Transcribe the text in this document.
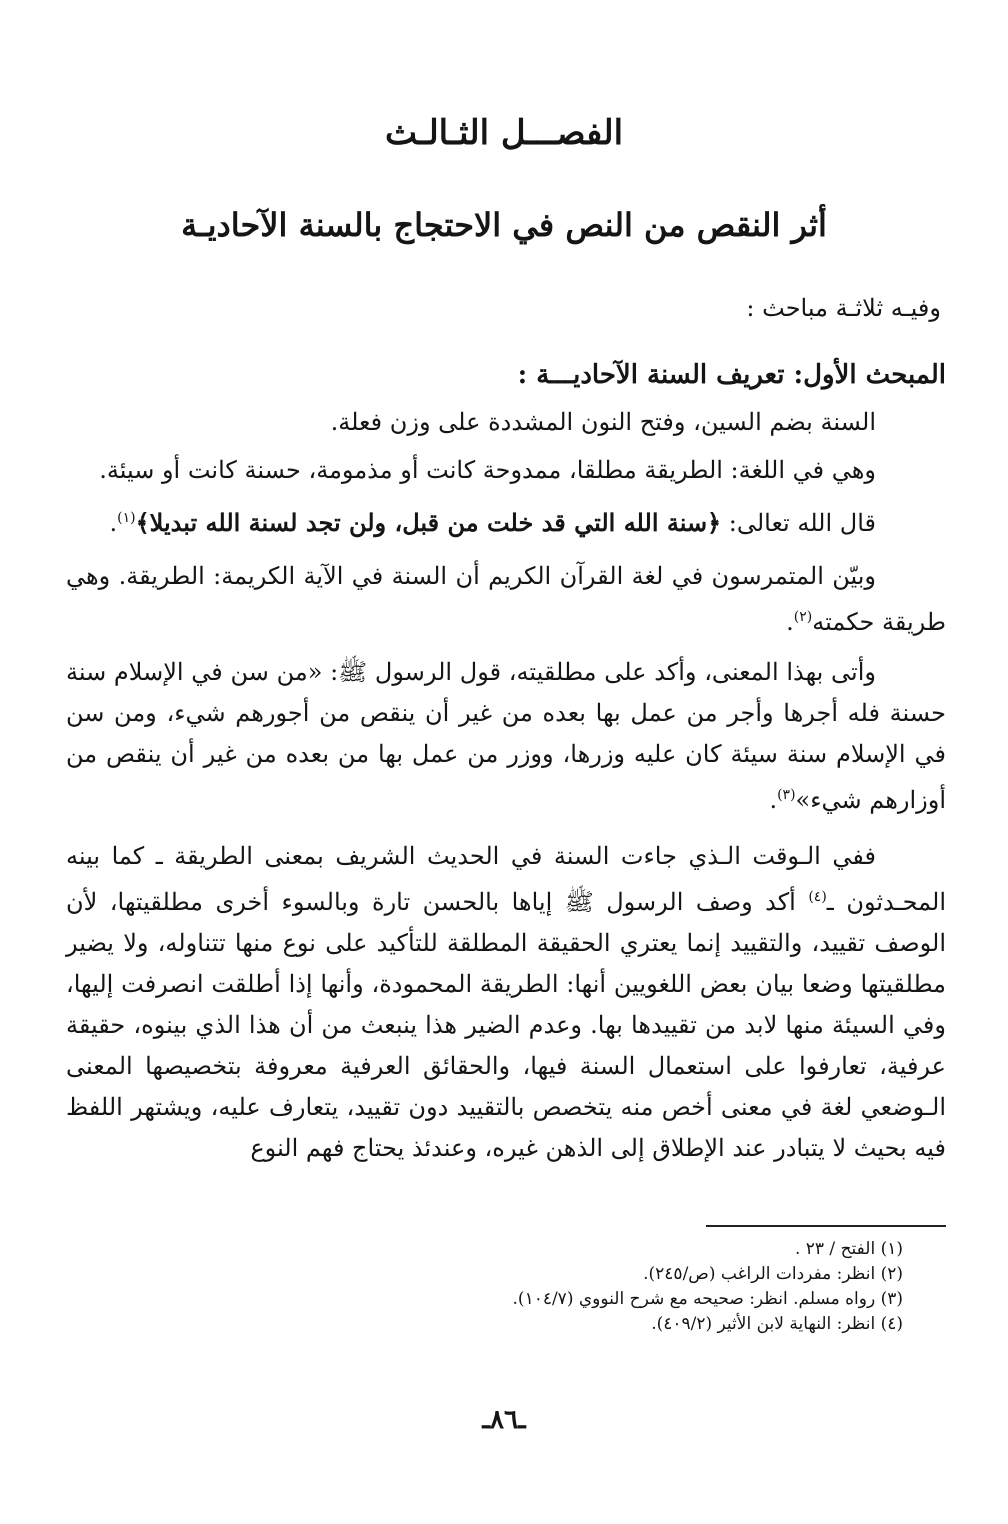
الفصـــل الثـالـث
أثر النقص من النص في الاحتجاج بالسنة الآحاديـة

وفيـه ثلاثـة مباحث :

المبحث الأول: تعريف السنة الآحاديـــة :

السنة بضم السين، وفتح النون المشددة على وزن فعلة.

وهي في اللغة: الطريقة مطلقا، ممدوحة كانت أو مذمومة، حسنة كانت أو سيئة.

قال الله تعالى: ﴿سنة الله التي قد خلت من قبل، ولن تجد لسنة الله تبديلا﴾$^{(١)}$.

وبيّن المتمرسون في لغة القرآن الكريم أن السنة في الآية الكريمة: الطريقة. وهي طريقة حكمته$^{(٢)}$.

وأتى بهذا المعنى، وأكد على مطلقيته، قول الرسول ﷺ: «من سن في الإسلام سنة حسنة فله أجرها وأجر من عمل بها بعده من غير أن ينقص من أجورهم شيء، ومن سن في الإسلام سنة سيئة كان عليه وزرها، ووزر من عمل بها من بعده من غير أن ينقص من أوزارهم شيء»$^{(٣)}$.

ففي الـوقت الـذي جاءت السنة في الحديث الشريف بمعنى الطريقة ـ كما بينه المحـدثون ـ$^{(٤)}$ أكد وصف الرسول ﷺ إياها بالحسن تارة وبالسوء أخرى مطلقيتها، لأن الوصف تقييد، والتقييد إنما يعتري الحقيقة المطلقة للتأكيد على نوع منها تتناوله، ولا يضير مطلقيتها وضعا بيان بعض اللغويين أنها: الطريقة المحمودة، وأنها إذا أطلقت انصرفت إليها، وفي السيئة منها لابد من تقييدها بها. وعدم الضير هذا ينبعث من أن هذا الذي بينوه، حقيقة عرفية، تعارفوا على استعمال السنة فيها، والحقائق العرفية معروفة بتخصيصها المعنى الـوضعي لغة في معنى أخص منه يتخصص بالتقييد دون تقييد، يتعارف عليه، ويشتهر اللفظ فيه بحيث لا يتبادر عند الإطلاق إلى الذهن غيره، وعندئذ يحتاج فهم النوع

(١) الفتح / ٢٣ .
(٢) انظر: مفردات الراغب (ص/٢٤٥).
(٣) رواه مسلم. انظر: صحيحه مع شرح النووي (١٠٤/٧).
(٤) انظر: النهاية لابن الأثير (٤٠٩/٢).
ـ٨٦ـ
